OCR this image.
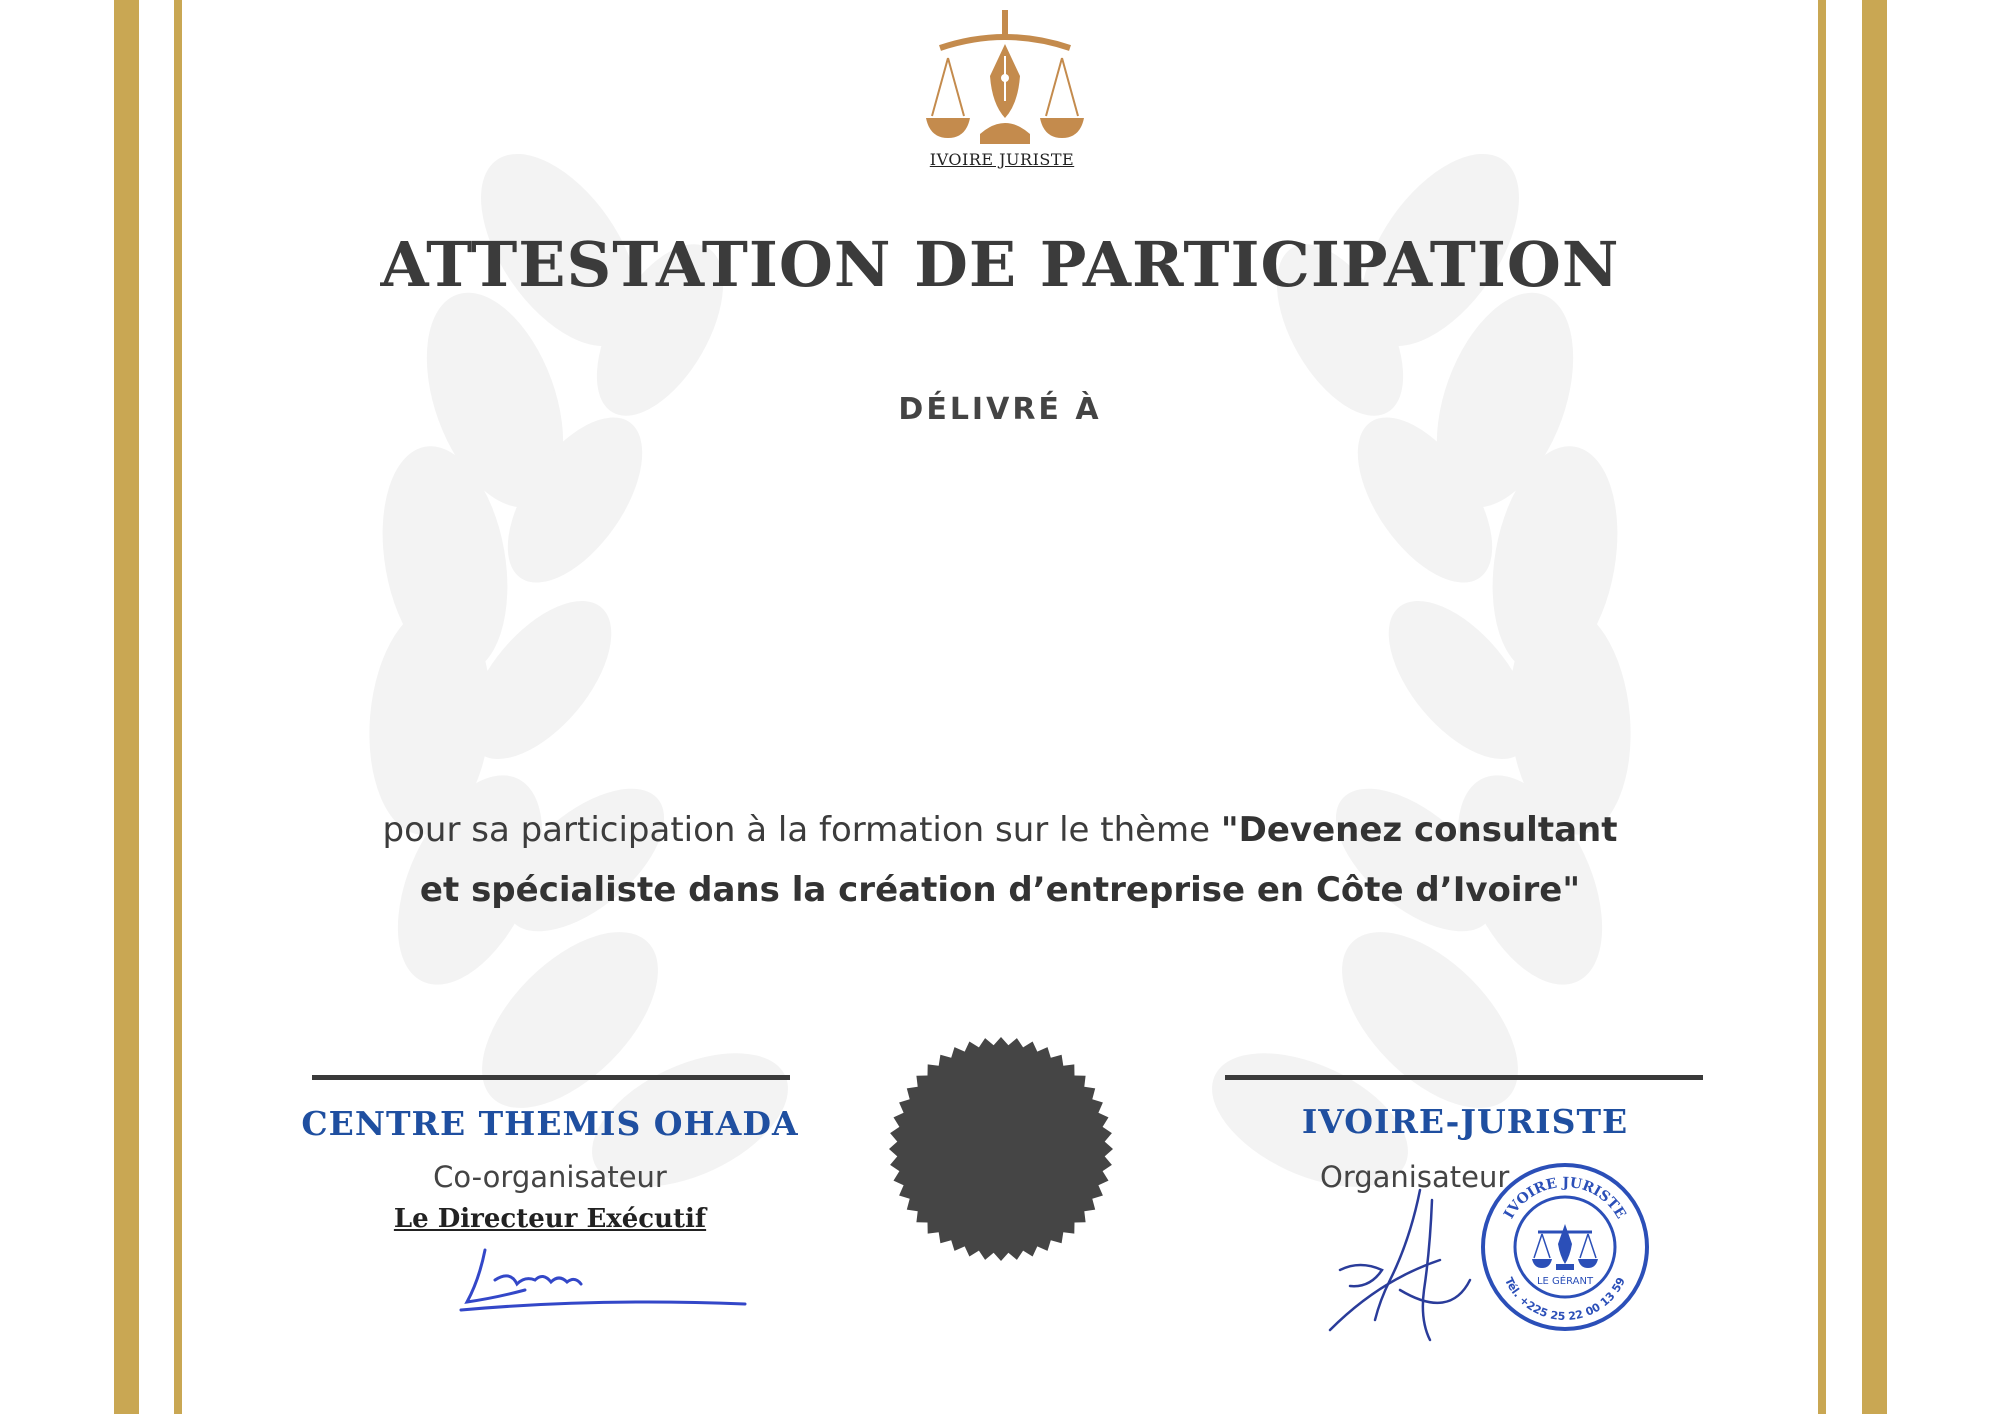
IVOIRE JURISTE
ATTESTATION DE PARTICIPATION
DÉLIVRÉ À
pour sa participation à la formation sur le thème "Devenez consultant et spécialiste dans la création d’entreprise en Côte d’Ivoire"
CENTRE THEMIS OHADA
Co-organisateur
Le Directeur Exécutif
IVOIRE-JURISTE
Organisateur
IVOIRE JURISTE
Tél. +225 25 22 00 13 59
LE GÉRANT
